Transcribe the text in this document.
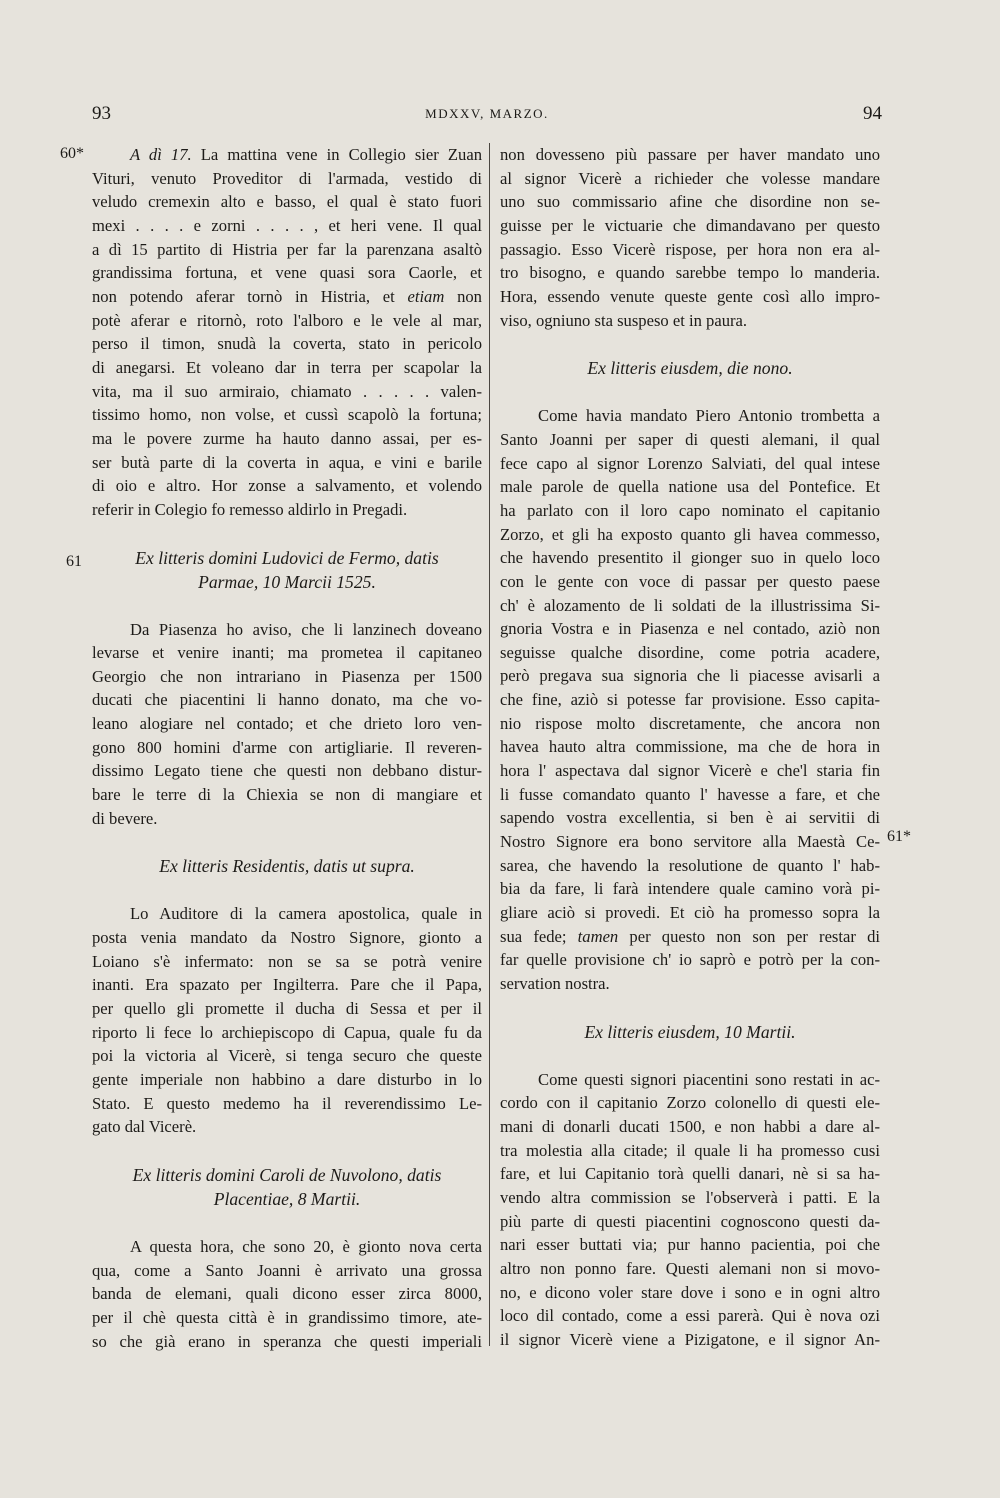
93	MDXXV, MARZO.	94
60*
61
61*

A dì 17. La mattina vene in Collegio sier Zuan

Vituri, venuto Proveditor di l'armada, vestido di

veludo cremexin alto e basso, el qual è stato fuori

mexi . . . . e zorni . . . . , et heri vene. Il qual

a dì 15 partito di Histria per far la parenzana asaltò

grandissima fortuna, et vene quasi sora Caorle, et

non potendo aferar tornò in Histria, et etiam non

potè aferar e ritornò, roto l'alboro e le vele al mar,

perso il timon, snudà la coverta, stato in pericolo

di anegarsi. Et voleano dar in terra per scapolar la

vita, ma il suo armiraio, chiamato . . . . . valen-

tissimo homo, non volse, et cussì scapolò la fortuna;

ma le povere zurme ha hauto danno assai, per es-

ser butà parte di la coverta in aqua, e vini e barile

di oio e altro. Hor zonse a salvamento, et volendo

referir in Colegio fo remesso aldirlo in Pregadi.

Ex litteris domini Ludovici de Fermo, datis

Parmae, 10 Marcii 1525.

Da Piasenza ho aviso, che li lanzinech doveano

levarse et venire inanti; ma prometea il capitaneo

Georgio che non intrariano in Piasenza per 1500

ducati che piacentini li hanno donato, ma che vo-

leano alogiare nel contado; et che drieto loro ven-

gono 800 homini d'arme con artigliarie. Il reveren-

dissimo Legato tiene che questi non debbano distur-

bare le terre di la Chiexia se non di mangiare et

di bevere.

Ex litteris Residentis, datis ut supra.

Lo Auditore di la camera apostolica, quale in

posta venia mandato da Nostro Signore, gionto a

Loiano s'è infermato: non se sa se potrà venire

inanti. Era spazato per Ingilterra. Pare che il Papa,

per quello gli promette il ducha di Sessa et per il

riporto li fece lo archiepiscopo di Capua, quale fu da

poi la victoria al Vicerè, si tenga securo che queste

gente imperiale non habbino a dare disturbo in lo

Stato. E questo medemo ha il reverendissimo Le-

gato dal Vicerè.

Ex litteris domini Caroli de Nuvolono, datis

Placentiae, 8 Martii.

A questa hora, che sono 20, è gionto nova certa

qua, come a Santo Joanni è arrivato una grossa

banda de elemani, quali dicono esser zirca 8000,

per il chè questa città è in grandissimo timore, ate-

so che già erano in speranza che questi imperiali

non dovesseno più passare per haver mandato uno

al signor Vicerè a richieder che volesse mandare

uno suo commissario afine che disordine non se-

guisse per le victuarie che dimandavano per questo

passagio. Esso Vicerè rispose, per hora non era al-

tro bisogno, e quando sarebbe tempo lo manderia.

Hora, essendo venute queste gente così allo impro-

viso, ogniuno sta suspeso et in paura.

Ex litteris eiusdem, die nono.

Come havia mandato Piero Antonio trombetta a

Santo Joanni per saper di questi alemani, il qual

fece capo al signor Lorenzo Salviati, del qual intese

male parole de quella natione usa del Pontefice. Et

ha parlato con il loro capo nominato el capitanio

Zorzo, et gli ha exposto quanto gli havea commesso,

che havendo presentito il gionger suo in quelo loco

con le gente con voce di passar per questo paese

ch' è alozamento de li soldati de la illustrissima Si-

gnoria Vostra e in Piasenza e nel contado, aziò non

seguisse qualche disordine, come potria acadere,

però pregava sua signoria che li piacesse avisarli a

che fine, aziò si potesse far provisione. Esso capita-

nio rispose molto discretamente, che ancora non

havea hauto altra commissione, ma che de hora in

hora l' aspectava dal signor Vicerè e che'l staria fin

li fusse comandato quanto l' havesse a fare, et che

sapendo vostra excellentia, si ben è ai servitii di

Nostro Signore era bono servitore alla Maestà Ce-

sarea, che havendo la resolutione de quanto l' hab-

bia da fare, li farà intendere quale camino vorà pi-

gliare aciò si provedi. Et ciò ha promesso sopra la

sua fede; tamen per questo non son per restar di

far quelle provisione ch' io saprò e potrò per la con-

servation nostra.

Ex litteris eiusdem, 10 Martii.

Come questi signori piacentini sono restati in ac-

cordo con il capitanio Zorzo colonello di questi ele-

mani di donarli ducati 1500, e non habbi a dare al-

tra molestia alla citade; il quale li ha promesso cusi

fare, et lui Capitanio torà quelli danari, nè si sa ha-

vendo altra commission se l'observerà i patti. E la

più parte di questi piacentini cognoscono questi da-

nari esser buttati via; pur hanno pacientia, poi che

altro non ponno fare. Questi alemani non si movo-

no, e dicono voler stare dove i sono e in ogni altro

loco dil contado, come a essi parerà. Qui è nova ozi

il signor Vicerè viene a Pizigatone, e il signor An-
